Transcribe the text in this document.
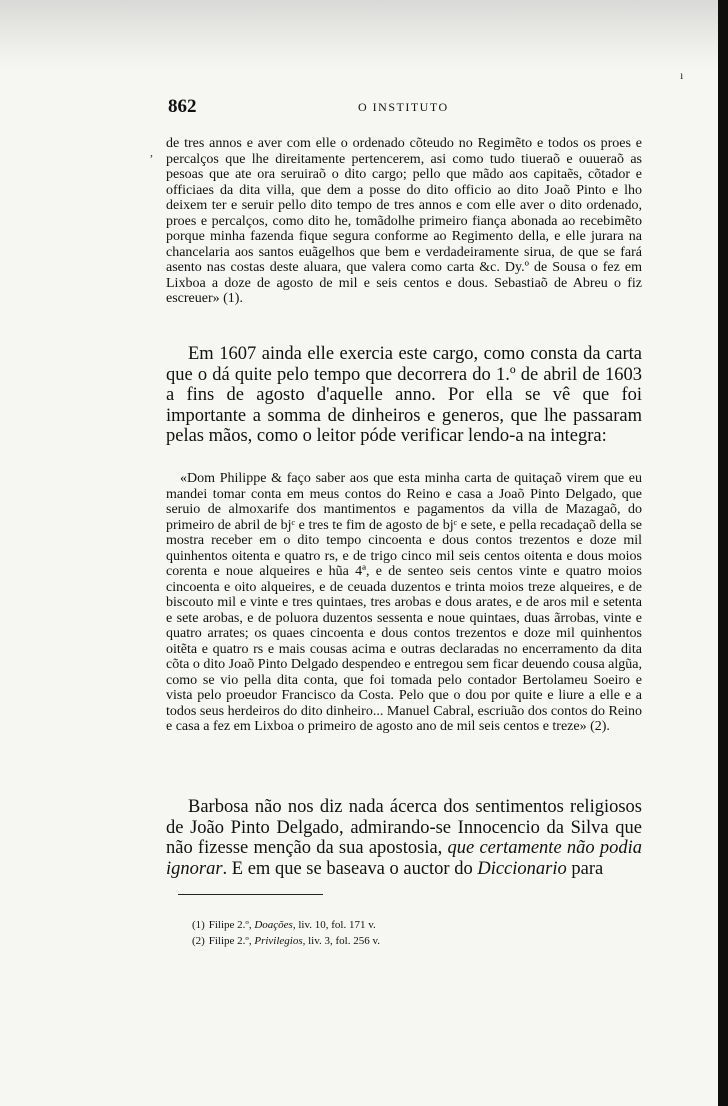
862	O INSTITUTO
ı
,

de tres annos e aver com elle o ordenado cõteudo no Regimẽto e todos os proes e percalços que lhe direitamente pertencerem, asi como tudo tiueraõ e ouueraõ as pesoas que ate ora seruiraõ o dito cargo; pello que mãdo aos capitaẽs, cõtador e officiaes da dita villa, que dem a posse do dito officio ao dito Joaõ Pinto e lho deixem ter e seruir pello dito tempo de tres annos e com elle aver o dito ordenado, proes e percalços, como dito he, tomãdolhe primeiro fiança abonada ao recebimẽto porque minha fazenda fique segura conforme ao Regimento della, e elle jurara na chancelaria aos santos euãgelhos que bem e verdadeiramente sirua, de que se fará asento nas costas deste aluara, que valera como carta &c. Dy.º de Sousa o fez em Lixboa a doze de agosto de mil e seis centos e dous. Sebastiaõ de Abreu o fiz escreuer» (1).

Em 1607 ainda elle exercia este cargo, como consta da carta que o dá quite pelo tempo que decorrera do 1.º de abril de 1603 a fins de agosto d'aquelle anno. Por ella se vê que foi importante a somma de dinheiros e generos, que lhe passaram pelas mãos, como o leitor póde verificar lendo-a na integra:

«Dom Philippe & faço saber aos que esta minha carta de quitaçaõ virem que eu mandei tomar conta em meus contos do Reino e casa a Joaõ Pinto Delgado, que seruio de almoxarife dos mantimentos e pagamentos da villa de Mazagaõ, do primeiro de abril de bjᶜ e tres te fim de agosto de bjᶜ e sete, e pella recadaçaõ della se mostra receber em o dito tempo cincoenta e dous contos trezentos e doze mil quinhentos oitenta e quatro rs, e de trigo cinco mil seis centos oitenta e dous moios corenta e noue alqueires e hũa 4ª, e de senteo seis centos vinte e quatro moios cincoenta e oito alqueires, e de ceuada duzentos e trinta moios treze alqueires, e de biscouto mil e vinte e tres quintaes, tres arobas e dous arates, e de aros mil e setenta e sete arobas, e de poluora duzentos sessenta e noue quintaes, duas ãrrobas, vinte e quatro arrates; os quaes cincoenta e dous contos trezentos e doze mil quinhentos oitẽta e quatro rs e mais cousas acima e outras declaradas no encerramento da dita cõta o dito Joaõ Pinto Delgado despendeo e entregou sem ficar deuendo cousa algũa, como se vio pella dita conta, que foi tomada pelo contador Bertolameu Soeiro e vista pelo proeudor Francisco da Costa. Pelo que o dou por quite e liure a elle e a todos seus herdeiros do dito dinheiro... Manuel Cabral, escriuão dos contos do Reino e casa a fez em Lixboa o primeiro de agosto ano de mil seis centos e treze» (2).

Barbosa não nos diz nada ácerca dos sentimentos religiosos de João Pinto Delgado, admirando-se Innocencio da Silva que não fizesse menção da sua apostosia, que certamente não podia ignorar. E em que se baseava o auctor do Diccionario para

(1) Filipe 2.º, Doações, liv. 10, fol. 171 v.
(2) Filipe 2.º, Privilegios, liv. 3, fol. 256 v.
